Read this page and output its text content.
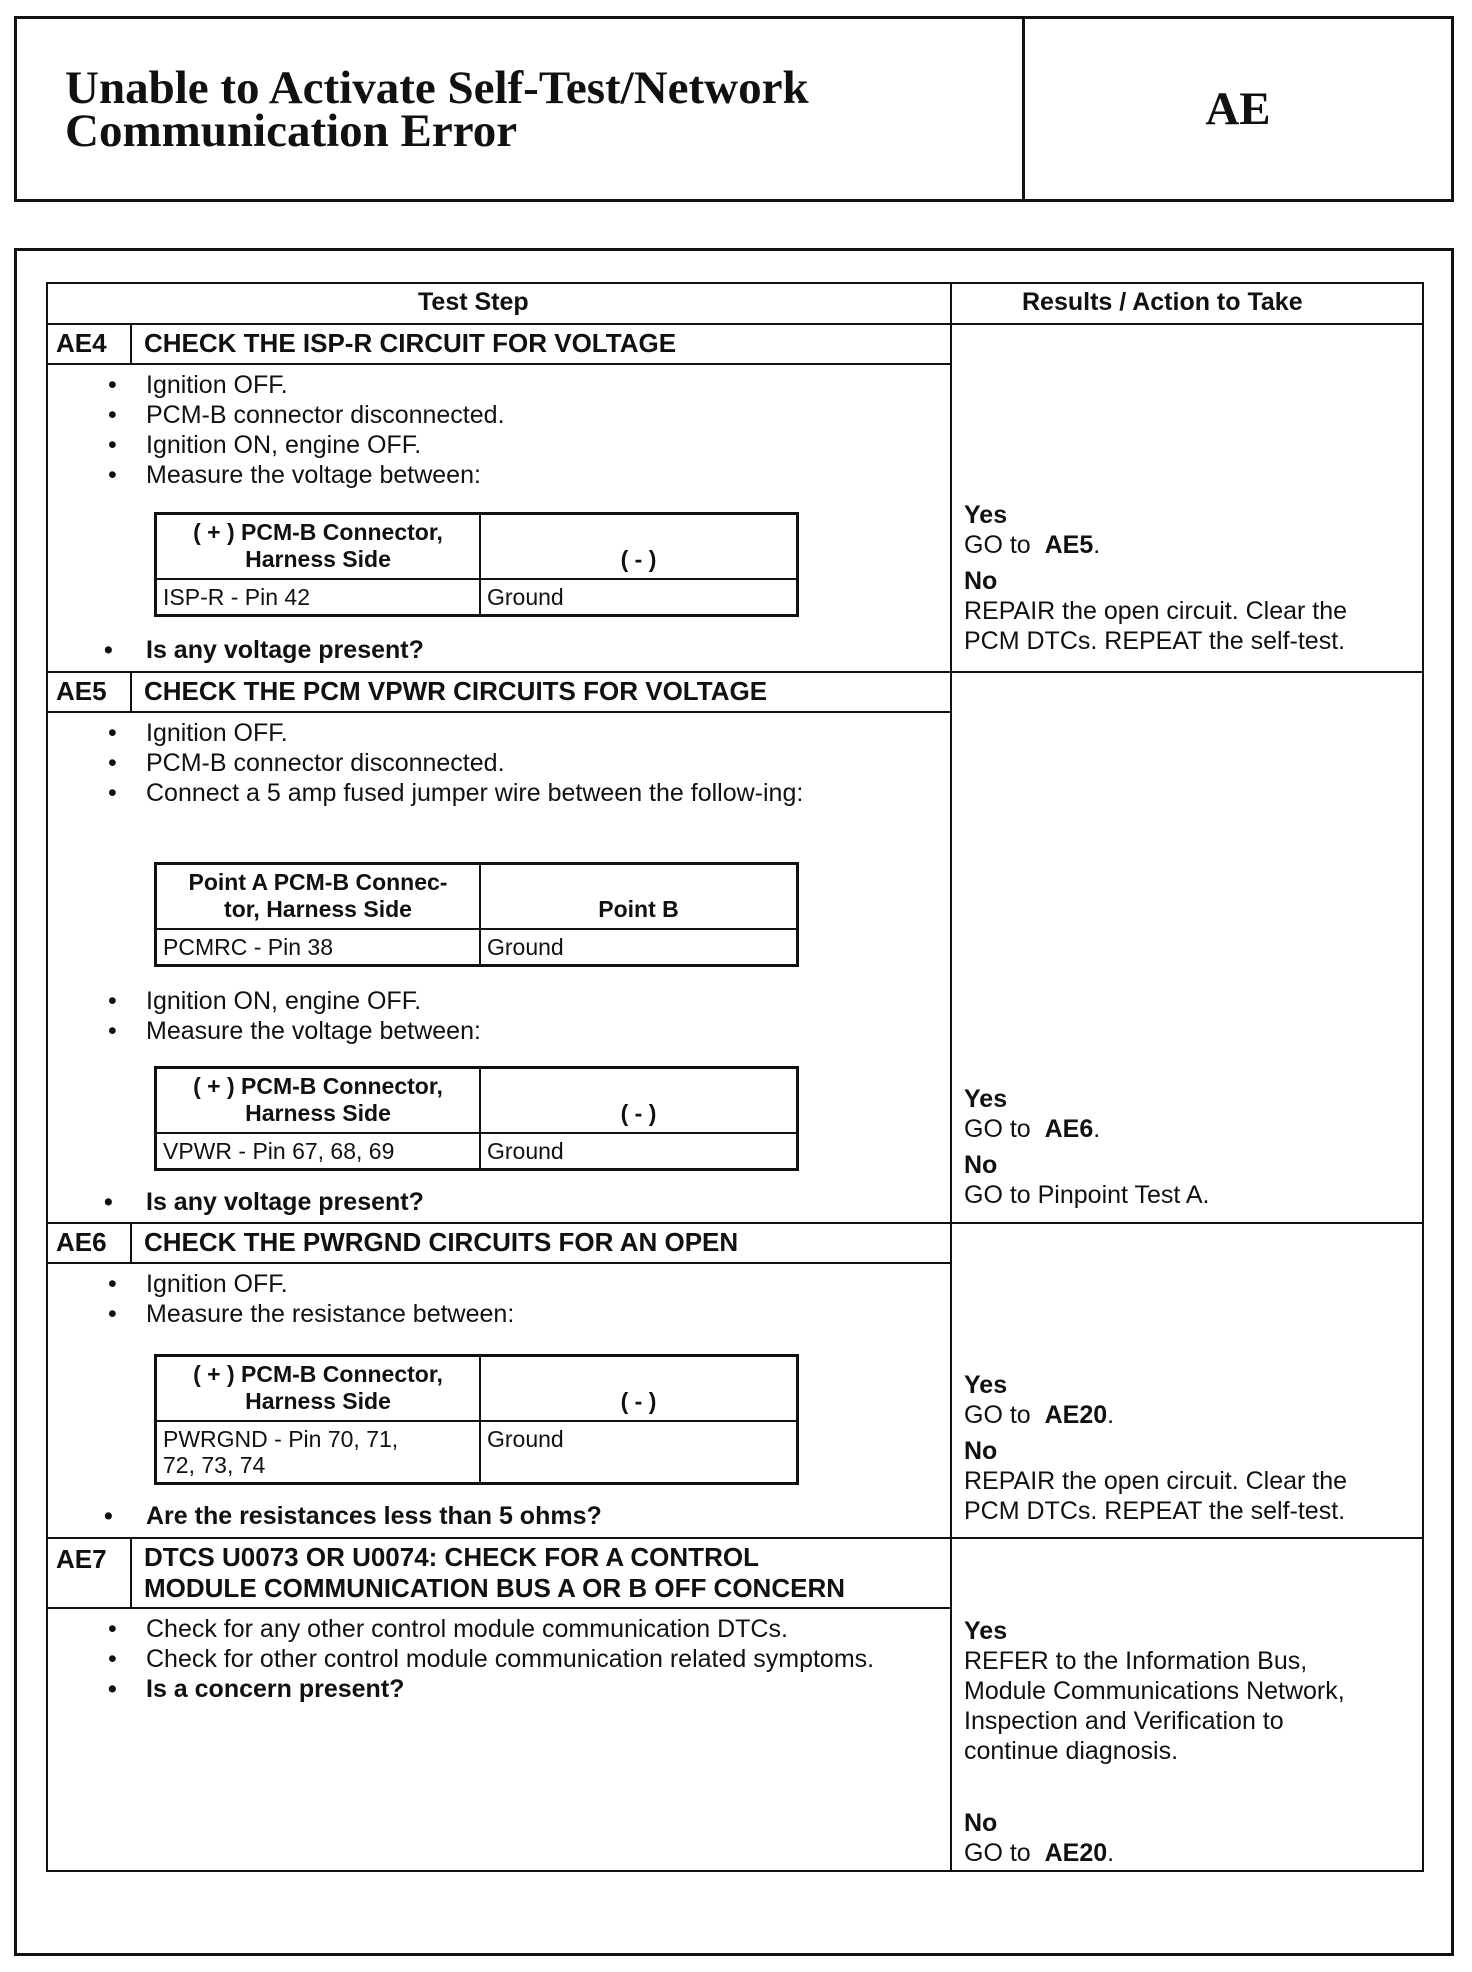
Unable to Activate Self-Test/Network
Communication Error	AE
Test Step	Results / Action to Take
AE4 CHECK THE ISP-R CIRCUIT FOR VOLTAGE
• Ignition OFF.
• PCM-B connector disconnected.
• Ignition ON, engine OFF.
• Measure the voltage between:
( + ) PCM-B Connector,
Harness Side	( - )
ISP-R - Pin 42	Ground
• Is any voltage present?
Yes
GO to AE5.
No
REPAIR the open circuit. Clear the
PCM DTCs. REPEAT the self-test.
AE5 CHECK THE PCM VPWR CIRCUITS FOR VOLTAGE
• Ignition OFF.
• PCM-B connector disconnected.
• Connect a 5 amp fused jumper wire between the follow-ing:
Point A PCM-B Connec-
tor, Harness Side	Point B
PCMRC - Pin 38	Ground
• Ignition ON, engine OFF.
• Measure the voltage between:
( + ) PCM-B Connector,
Harness Side	( - )
VPWR - Pin 67, 68, 69	Ground
• Is any voltage present?
Yes
GO to AE6.
No
GO to Pinpoint Test A.
AE6 CHECK THE PWRGND CIRCUITS FOR AN OPEN
• Ignition OFF.
• Measure the resistance between:
( + ) PCM-B Connector,
Harness Side	( - )
PWRGND - Pin 70, 71,
72, 73, 74	Ground
• Are the resistances less than 5 ohms?
Yes
GO to AE20.
No
REPAIR the open circuit. Clear the
PCM DTCs. REPEAT the self-test.
AE7 DTCS U0073 OR U0074: CHECK FOR A CONTROL
MODULE COMMUNICATION BUS A OR B OFF CONCERN
• Check for any other control module communication DTCs.
• Check for other control module communication related symptoms.
• Is a concern present?
Yes
REFER to the Information Bus,
Module Communications Network,
Inspection and Verification to
continue diagnosis.
No
GO to AE20.
